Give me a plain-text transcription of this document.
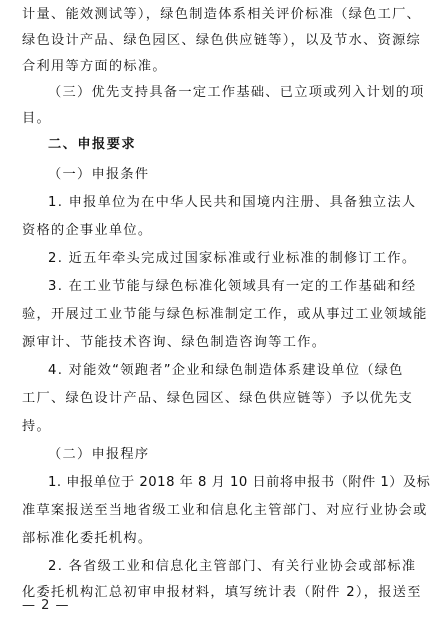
计量、能效测试等），绿色制造体系相关评价标准（绿色工厂、
绿色设计产品、绿色园区、绿色供应链等），以及节水、资源综
合利用等方面的标准。
（三）优先支持具备一定工作基础、已立项或列入计划的项
目。
二、申报要求
（一）申报条件
1. 申报单位为在中华人民共和国境内注册、具备独立法人
资格的企事业单位。
2. 近五年牵头完成过国家标准或行业标准的制修订工作。
3. 在工业节能与绿色标准化领域具有一定的工作基础和经
验，开展过工业节能与绿色标准制定工作，或从事过工业领域能
源审计、节能技术咨询、绿色制造咨询等工作。
4. 对能效“领跑者”企业和绿色制造体系建设单位（绿色
工厂、绿色设计产品、绿色园区、绿色供应链等）予以优先支
持。
（二）申报程序
1. 申报单位于 2018 年 8 月 10 日前将申报书（附件 1）及标
准草案报送至当地省级工业和信息化主管部门、对应行业协会或
部标准化委托机构。
2. 各省级工业和信息化主管部门、有关行业协会或部标准
化委托机构汇总初审申报材料，填写统计表（附件 2），报送至
— 2 —
